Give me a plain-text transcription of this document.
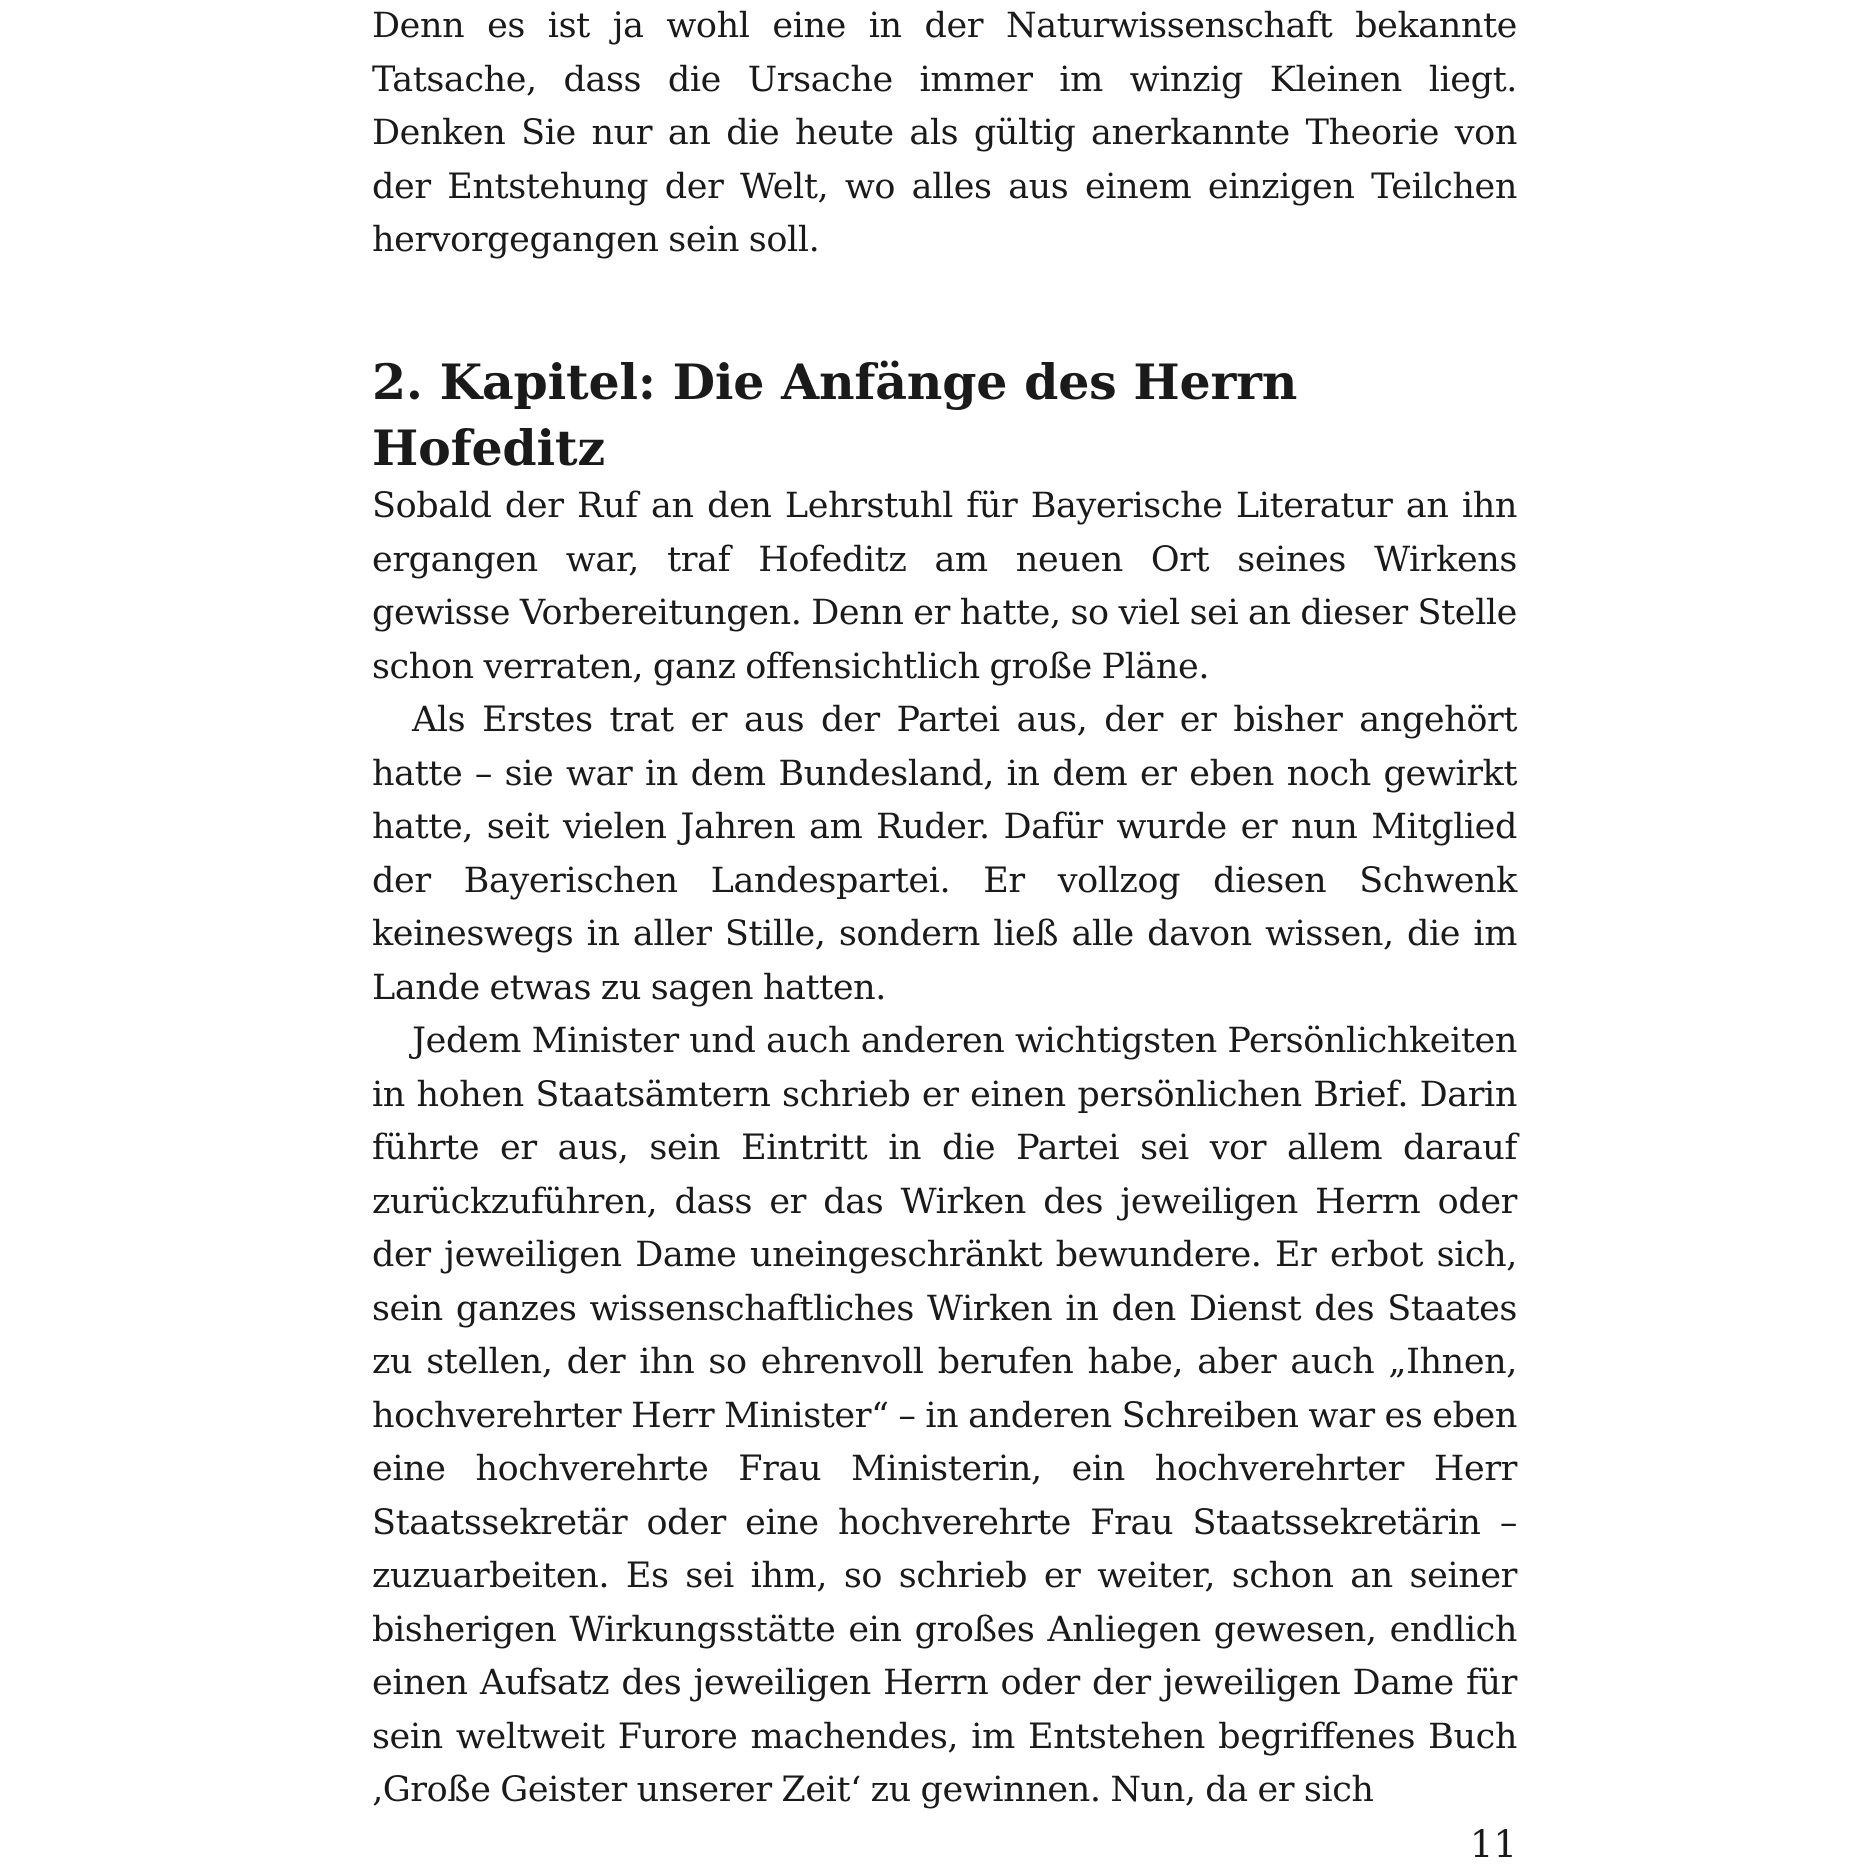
Denn es ist ja wohl eine in der Naturwissenschaft bekannte Tatsache, dass die Ursache immer im winzig Kleinen liegt. Denken Sie nur an die heute als gültig anerkannte Theorie von der Entstehung der Welt, wo alles aus einem einzigen Teilchen hervorgegangen sein soll.

2. Kapitel: Die Anfänge des Herrn Hofeditz

Sobald der Ruf an den Lehrstuhl für Bayerische Literatur an ihn ergangen war, traf Hofeditz am neuen Ort seines Wirkens gewisse Vorbereitungen. Denn er hatte, so viel sei an dieser Stelle schon verraten, ganz offensichtlich große Pläne.

Als Erstes trat er aus der Partei aus, der er bisher angehört hatte – sie war in dem Bundesland, in dem er eben noch gewirkt hatte, seit vielen Jahren am Ruder. Dafür wurde er nun Mitglied der Bayerischen Landespartei. Er vollzog diesen Schwenk keineswegs in aller Stille, sondern ließ alle davon wissen, die im Lande etwas zu sagen hatten.

Jedem Minister und auch anderen wichtigsten Persönlichkeiten in hohen Staatsämtern schrieb er einen persönlichen Brief. Darin führte er aus, sein Eintritt in die Partei sei vor allem darauf zurückzuführen, dass er das Wirken des jeweiligen Herrn oder der jeweiligen Dame uneingeschränkt bewundere. Er erbot sich, sein ganzes wissenschaftliches Wirken in den Dienst des Staates zu stellen, der ihn so ehrenvoll berufen habe, aber auch „Ihnen, hochverehrter Herr Minister“ – in anderen Schreiben war es eben eine hochverehrte Frau Ministerin, ein hochverehrter Herr Staatssekretär oder eine hochverehrte Frau Staatssekretärin – zuzuarbeiten. Es sei ihm, so schrieb er weiter, schon an seiner bisherigen Wirkungsstätte ein großes Anliegen gewesen, endlich einen Aufsatz des jeweiligen Herrn oder der jeweiligen Dame für sein weltweit Furore machendes, im Entstehen begriffenes Buch ‚Große Geister unserer Zeit‘ zu gewinnen. Nun, da er sich

11
